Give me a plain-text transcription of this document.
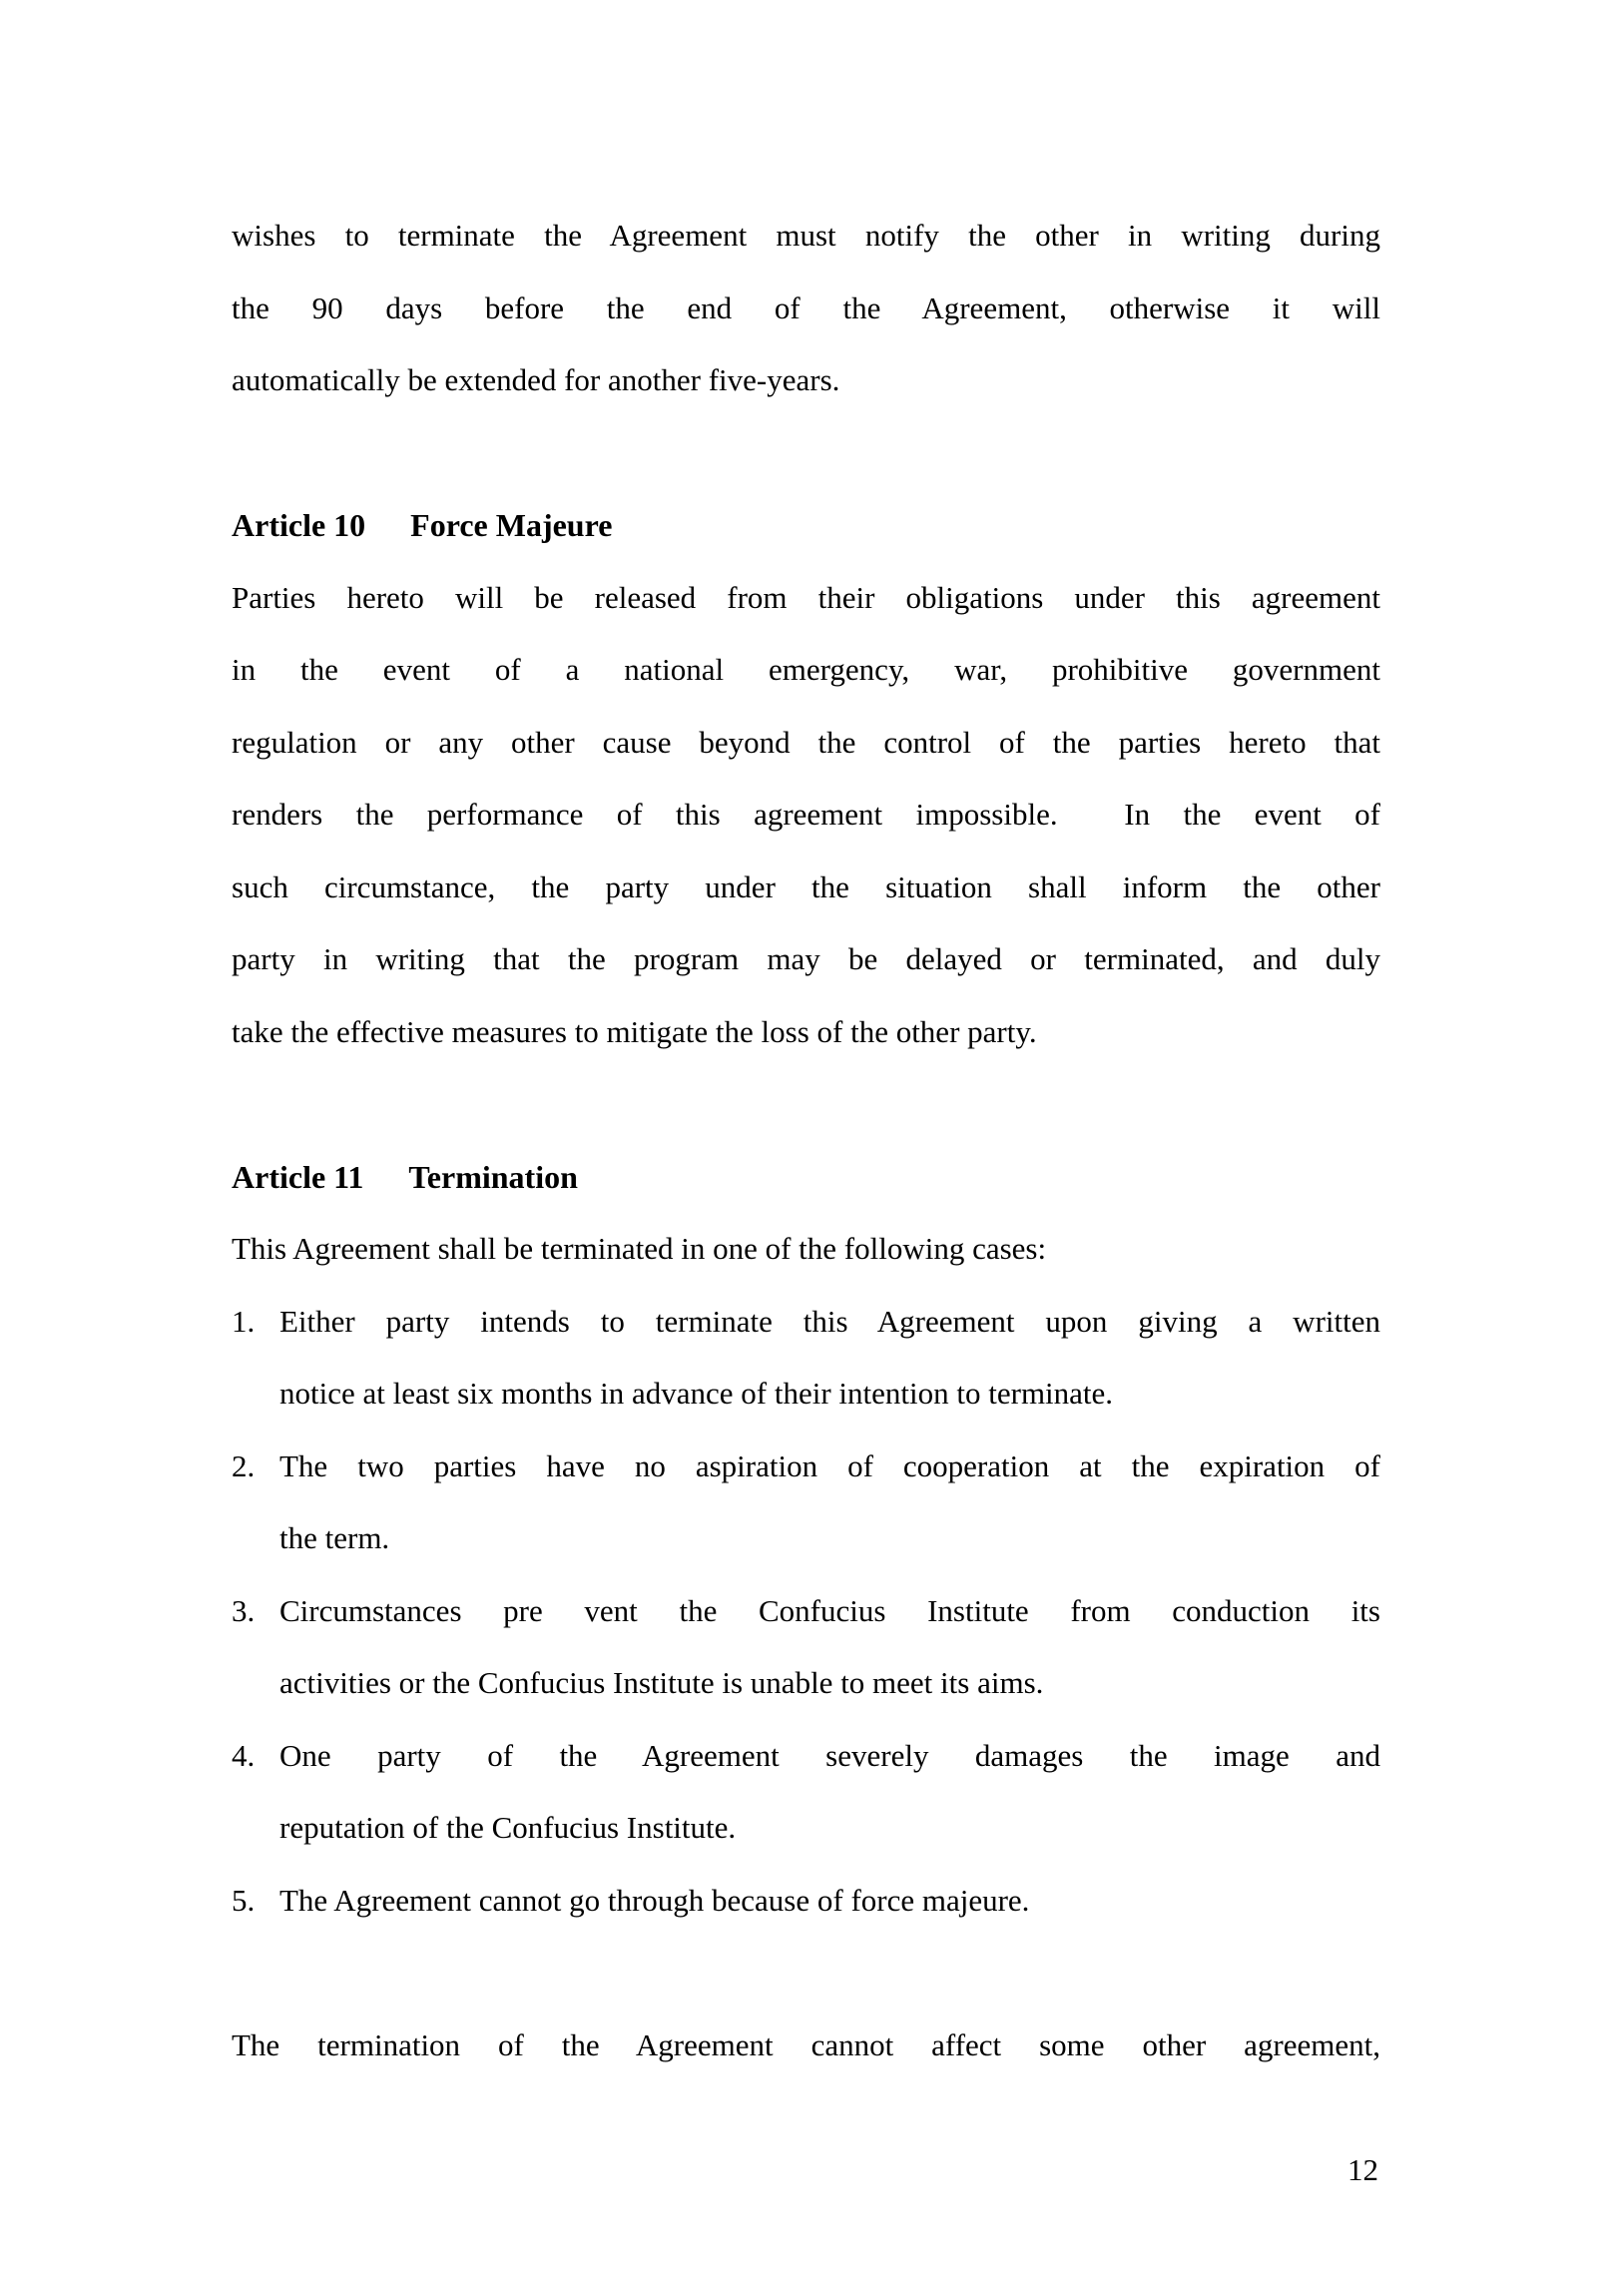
wishes to terminate the Agreement must notify the other in writing during
the 90 days before the end of the Agreement, otherwise it will
automatically be extended for another five-years.
Article 10 Force Majeure
Parties hereto will be released from their obligations under this agreement
in the event of a national emergency, war, prohibitive government
regulation or any other cause beyond the control of the parties hereto that
renders the performance of this agreement impossible.  In the event of
such circumstance, the party under the situation shall inform the other
party in writing that the program may be delayed or terminated, and duly
take the effective measures to mitigate the loss of the other party.
Article 11 Termination
This Agreement shall be terminated in one of the following cases:
1. Either party intends to terminate this Agreement upon giving a written
notice at least six months in advance of their intention to terminate.
2. The two parties have no aspiration of cooperation at the expiration of
the term.
3. Circumstances pre vent the Confucius Institute from conduction its
activities or the Confucius Institute is unable to meet its aims.
4. One party of the Agreement severely damages the image and
reputation of the Confucius Institute.
5. The Agreement cannot go through because of force majeure.
The termination of the Agreement cannot affect some other agreement,
12
